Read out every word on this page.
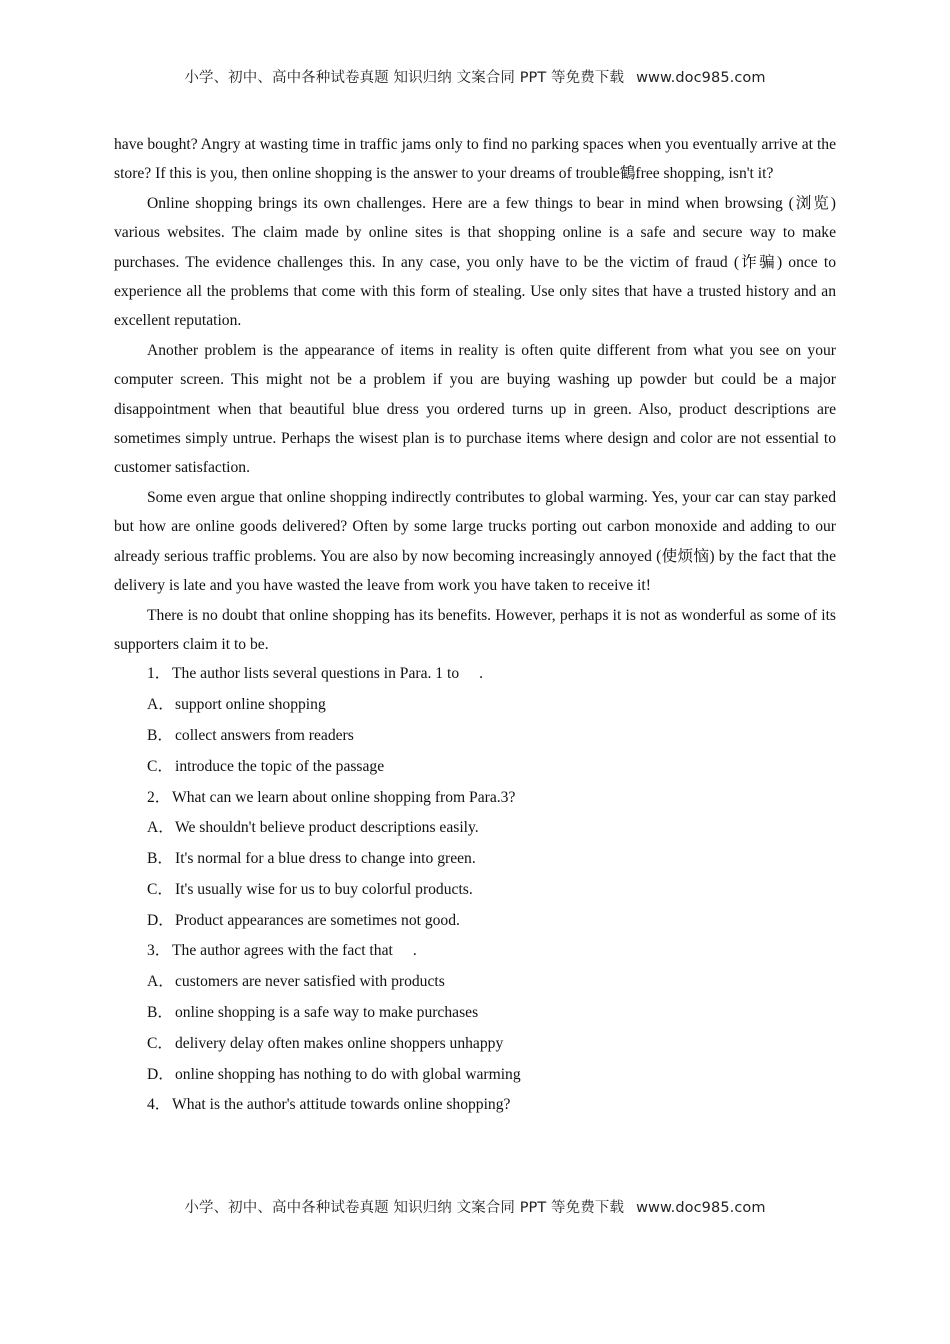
小学、初中、高中各种试卷真题 知识归纳 文案合同 PPT 等免费下载 www.doc985.com

have bought? Angry at wasting time in traffic jams only to find no parking spaces when you eventually arrive at the store? If this is you, then online shopping is the answer to your dreams of trouble鶴free shopping, isn't it?

Online shopping brings its own challenges. Here are a few things to bear in mind when browsing (浏览) various websites. The claim made by online sites is that shopping online is a safe and secure way to make purchases. The evidence challenges this. In any case, you only have to be the victim of fraud (诈骗) once to experience all the problems that come with this form of stealing. Use only sites that have a trusted history and an excellent reputation.

Another problem is the appearance of items in reality is often quite different from what you see on your computer screen. This might not be a problem if you are buying washing up powder but could be a major disappointment when that beautiful blue dress you ordered turns up in green. Also, product descriptions are sometimes simply untrue. Perhaps the wisest plan is to purchase items where design and color are not essential to customer satisfaction.

Some even argue that online shopping indirectly contributes to global warming. Yes, your car can stay parked but how are online goods delivered? Often by some large trucks porting out carbon monoxide and adding to our already serious traffic problems. You are also by now becoming increasingly annoyed (使烦恼) by the fact that the delivery is late and you have wasted the leave from work you have taken to receive it!

There is no doubt that online shopping has its benefits. However, perhaps it is not as wonderful as some of its supporters claim it to be.

1． The author lists several questions in Para. 1 to .

A．support online shopping

B． collect answers from readers

C． introduce the topic of the passage

2． What can we learn about online shopping from Para.3?

A．We shouldn't believe product descriptions easily.

B． It's normal for a blue dress to change into green.

C． It's usually wise for us to buy colorful products.

D．Product appearances are sometimes not good.

3． The author agrees with the fact that .

A．customers are never satisfied with products

B． online shopping is a safe way to make purchases

C． delivery delay often makes online shoppers unhappy

D．online shopping has nothing to do with global warming

4． What is the author's attitude towards online shopping?

小学、初中、高中各种试卷真题 知识归纳 文案合同 PPT 等免费下载 www.doc985.com
